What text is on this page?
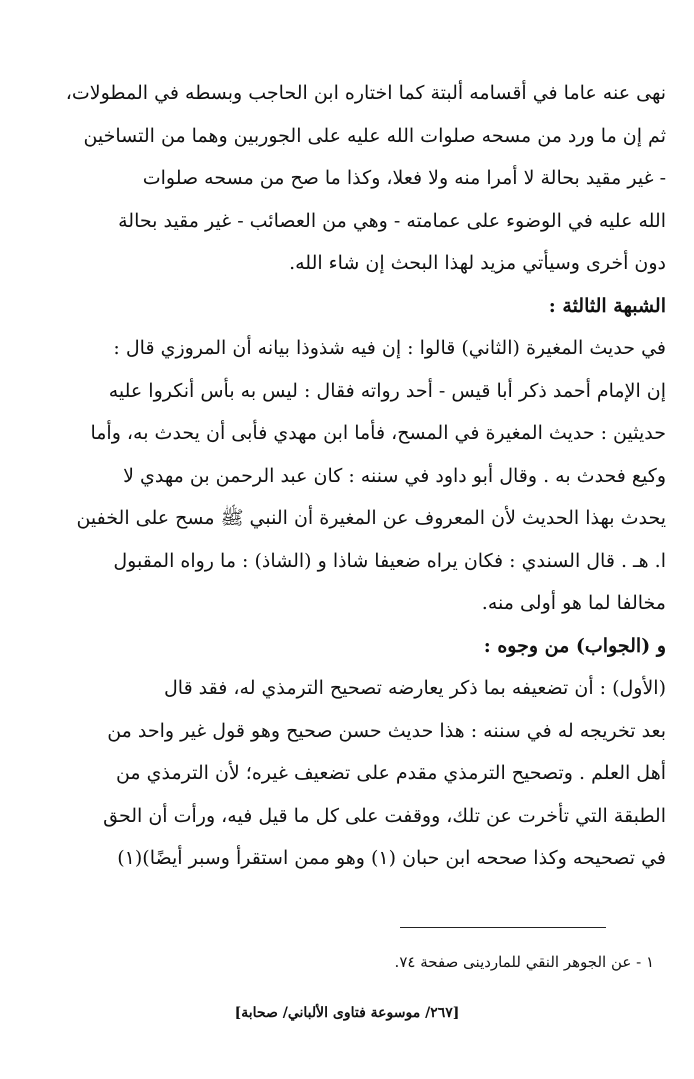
نهى عنه عاما في أقسامه ألبتة كما اختاره ابن الحاجب وبسطه في المطولات،
ثم إن ما ورد من مسحه صلوات الله عليه على الجوربين وهما من التساخين
- غير مقيد بحالة لا أمرا منه ولا فعلا، وكذا ما صح من مسحه صلوات
الله عليه في الوضوء على عمامته - وهي من العصائب - غير مقيد بحالة
دون أخرى وسيأتي مزيد لهذا البحث إن شاء الله.
الشبهة الثالثة :
في حديث المغيرة (الثاني) قالوا : إن فيه شذوذا بيانه أن المروزي قال :
إن الإمام أحمد ذكر أبا قيس - أحد رواته فقال : ليس به بأس أنكروا عليه
حديثين : حديث المغيرة في المسح، فأما ابن مهدي فأبى أن يحدث به، وأما
وكيع فحدث به . وقال أبو داود في سننه : كان عبد الرحمن بن مهدي لا
يحدث بهذا الحديث لأن المعروف عن المغيرة أن النبي ﷺ مسح على الخفين
ا. هـ . قال السندي : فكان يراه ضعيفا شاذا و (الشاذ) : ما رواه المقبول
مخالفا لما هو أولى منه.
و (الجواب) من وجوه :
(الأول) : أن تضعيفه بما ذكر يعارضه تصحيح الترمذي له، فقد قال
بعد تخريجه له في سننه : هذا حديث حسن صحيح وهو قول غير واحد من
أهل العلم . وتصحيح الترمذي مقدم على تضعيف غيره؛ لأن الترمذي من
الطبقة التي تأخرت عن تلك، ووقفت على كل ما قيل فيه، ورأت أن الحق
في تصحيحه وكذا صححه ابن حبان (١) وهو ممن استقرأ وسبر أيضًا)(١)
١ - عن الجوهر النقي للماردينى صفحة ٧٤.
[٢٦٧/ موسوعة فتاوى الألباني/ صحابة]
